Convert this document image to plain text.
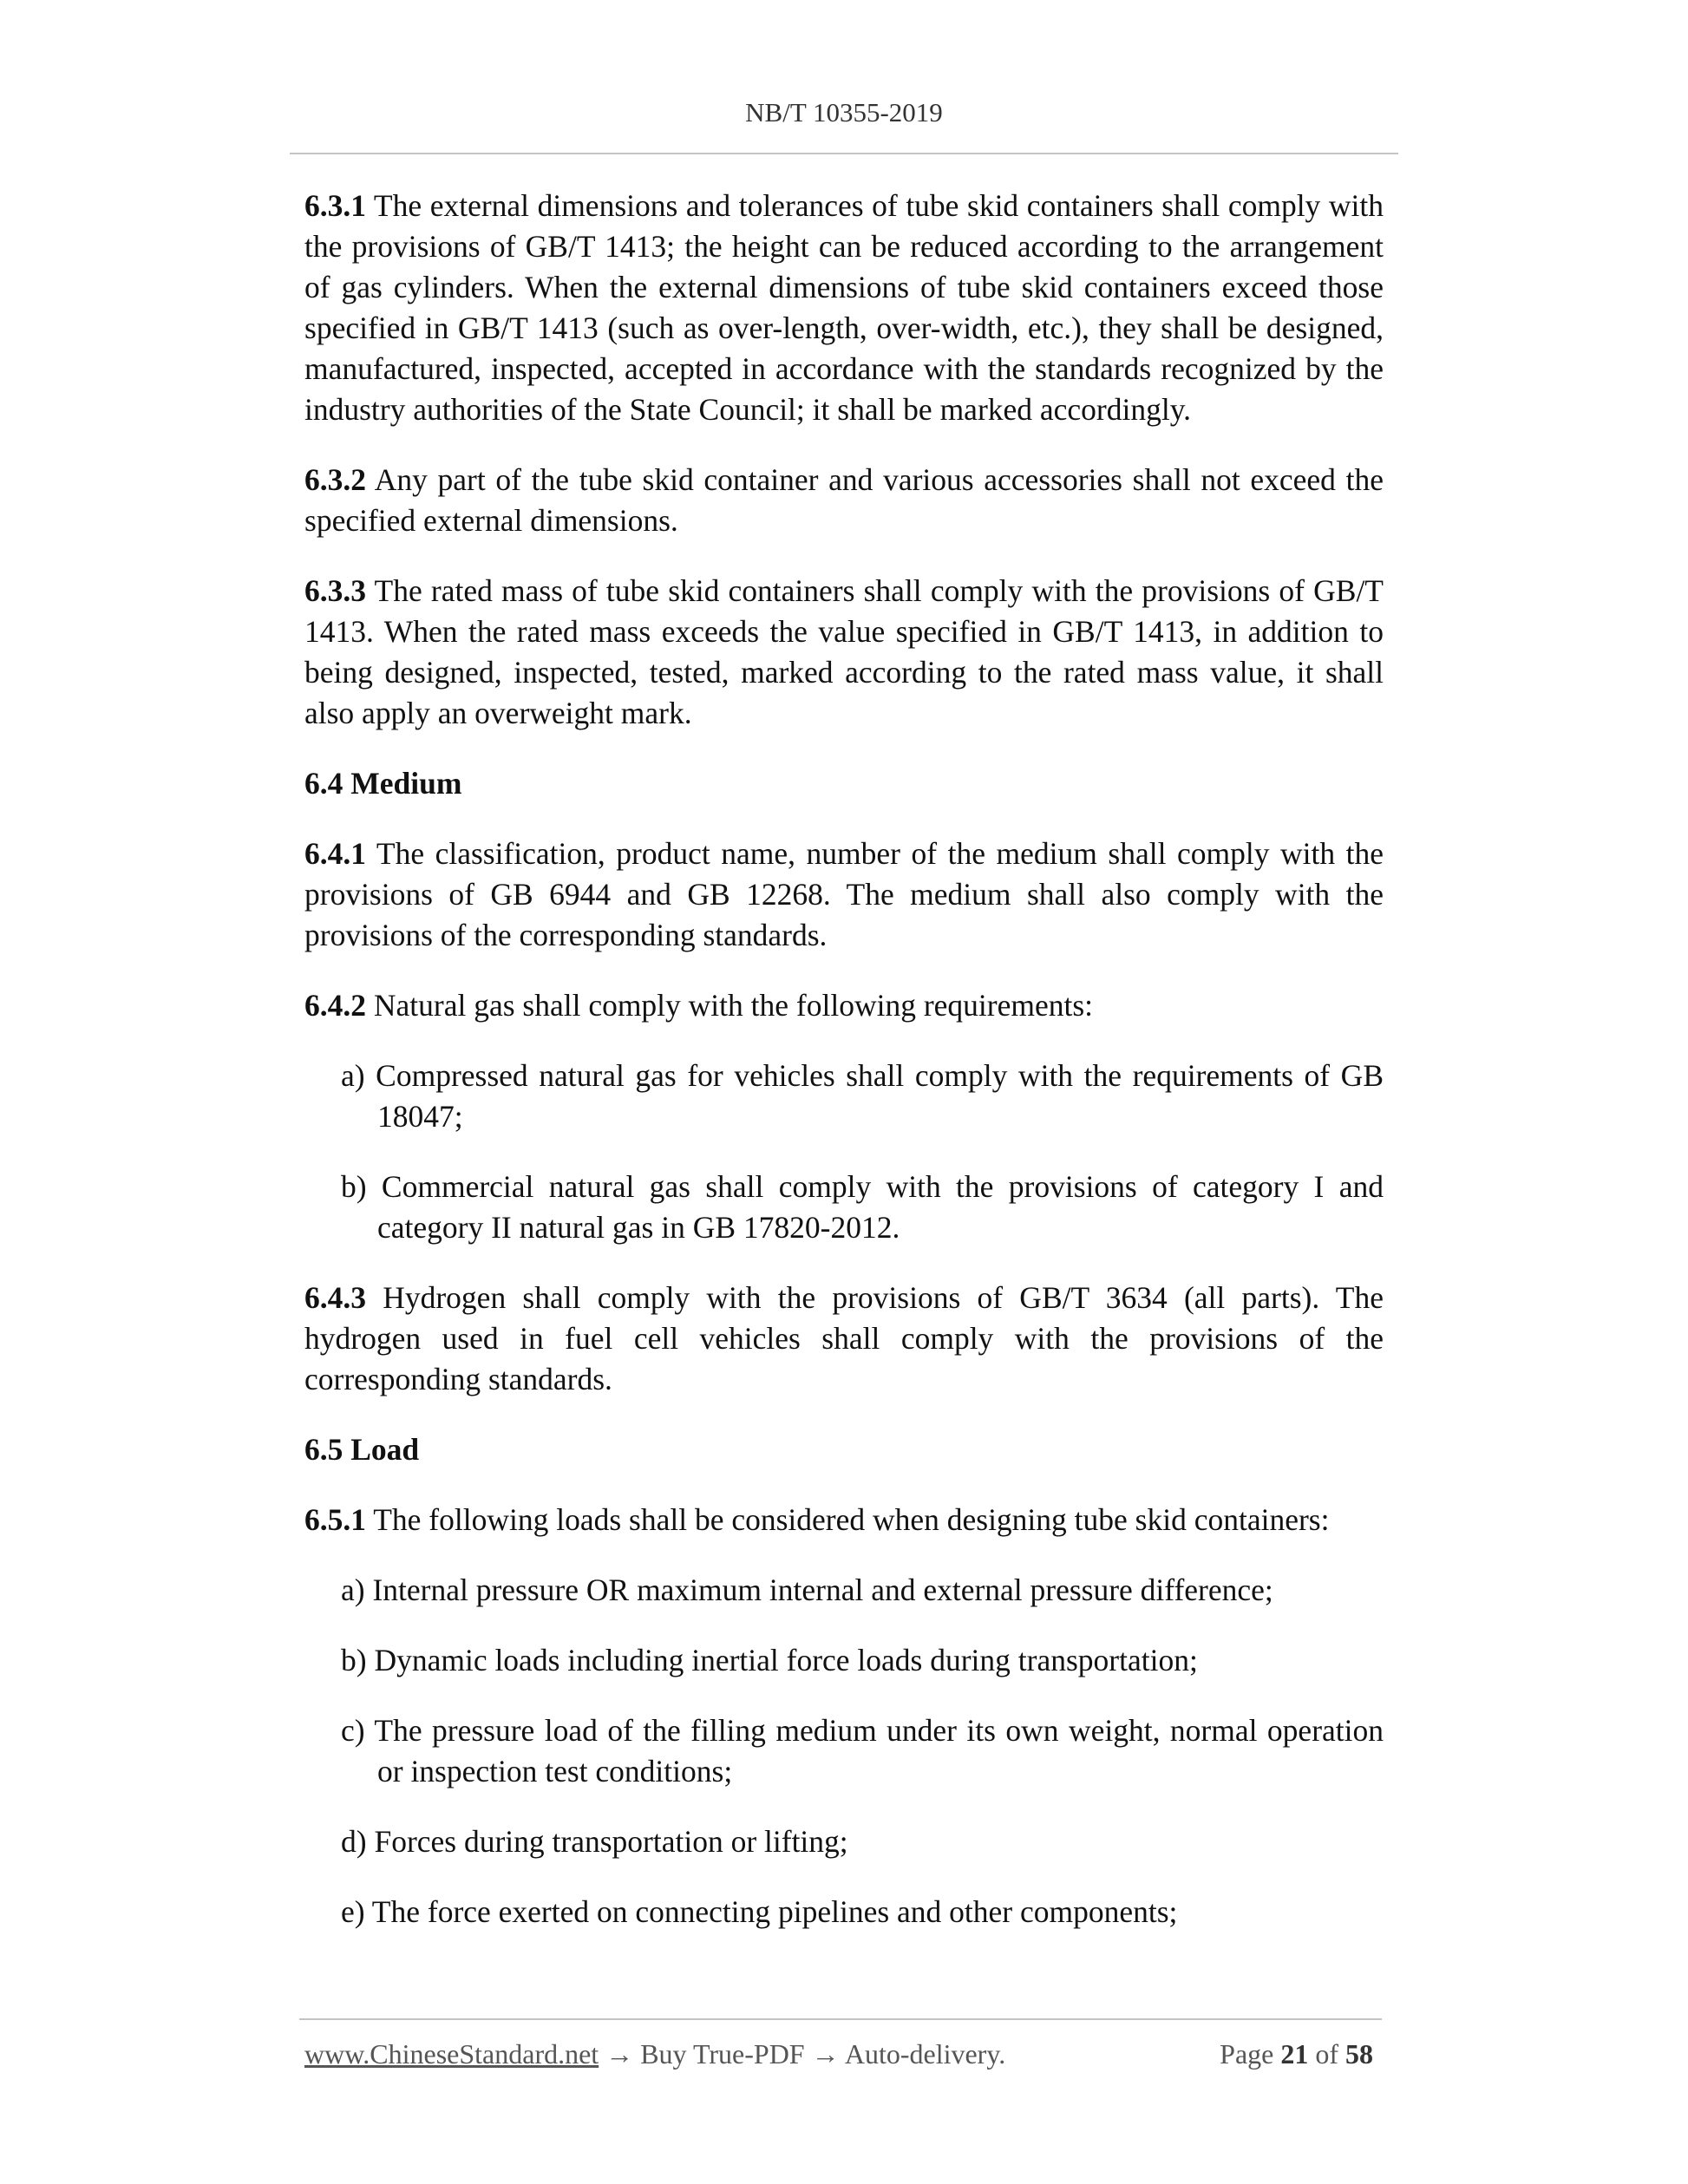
NB/T 10355-2019

6.3.1 The external dimensions and tolerances of tube skid containers shall comply with the provisions of GB/T 1413; the height can be reduced according to the arrangement of gas cylinders. When the external dimensions of tube skid containers exceed those specified in GB/T 1413 (such as over-length, over-width, etc.), they shall be designed, manufactured, inspected, accepted in accordance with the standards recognized by the industry authorities of the State Council; it shall be marked accordingly.

6.3.2 Any part of the tube skid container and various accessories shall not exceed the specified external dimensions.

6.3.3 The rated mass of tube skid containers shall comply with the provisions of GB/T 1413. When the rated mass exceeds the value specified in GB/T 1413, in addition to being designed, inspected, tested, marked according to the rated mass value, it shall also apply an overweight mark.

6.4 Medium

6.4.1 The classification, product name, number of the medium shall comply with the provisions of GB 6944 and GB 12268. The medium shall also comply with the provisions of the corresponding standards.

6.4.2 Natural gas shall comply with the following requirements:

a) Compressed natural gas for vehicles shall comply with the requirements of GB 18047;
b) Commercial natural gas shall comply with the provisions of category I and category II natural gas in GB 17820-2012.

6.4.3 Hydrogen shall comply with the provisions of GB/T 3634 (all parts). The hydrogen used in fuel cell vehicles shall comply with the provisions of the corresponding standards.

6.5 Load

6.5.1 The following loads shall be considered when designing tube skid containers:

a) Internal pressure OR maximum internal and external pressure difference;
b) Dynamic loads including inertial force loads during transportation;
c) The pressure load of the filling medium under its own weight, normal operation or inspection test conditions;
d) Forces during transportation or lifting;
e) The force exerted on connecting pipelines and other components;
www.ChineseStandard.net → Buy True-PDF → Auto-delivery.	Page 21 of 58
